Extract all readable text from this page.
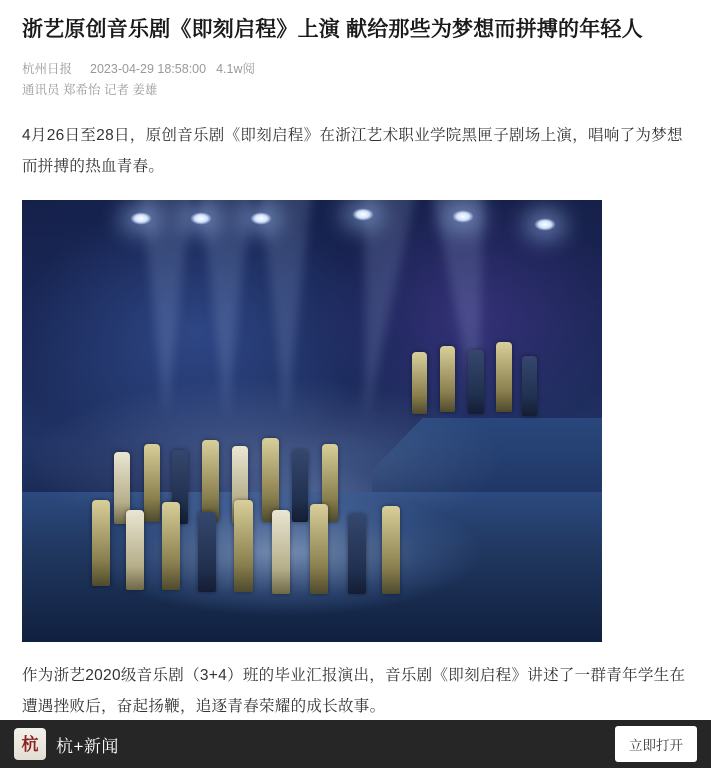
浙艺原创音乐剧《即刻启程》上演 献给那些为梦想而拼搏的年轻人
杭州日报 2023-04-29 18:58:00 4.1w阅
通讯员 郑希怡 记者 姜雄

4月26日至28日，原创音乐剧《即刻启程》在浙江艺术职业学院黑匣子剧场上演，唱响了为梦想而拼搏的热血青春。

作为浙艺2020级音乐剧（3+4）班的毕业汇报演出，音乐剧《即刻启程》讲述了一群青年学生在遭遇挫败后，奋起扬鞭，追逐青春荣耀的成长故事。

杭 杭+新闻	立即打开
